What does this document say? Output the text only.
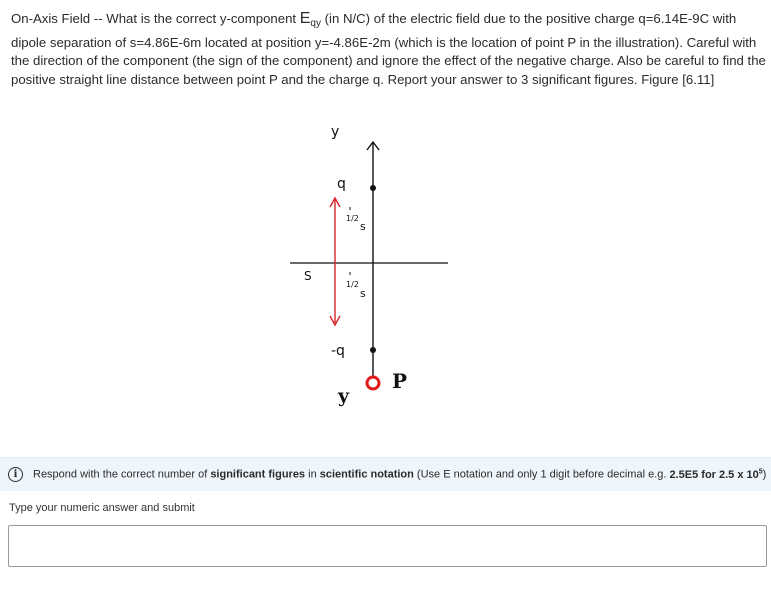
On-Axis Field -- What is the correct y-component $E_{qy}$ (in N/C) of the electric field due to the positive charge q=6.14E-9C with dipole separation of s=4.86E-6m located at position y=-4.86E-2m (which is the location of point P in the illustration). Careful with the direction of the component (the sign of the component) and ignore the effect of the negative charge. Also be careful to find the positive straight line distance between point P and the charge q. Report your answer to 3 significant figures. Figure [6.11]
y
q
1/2
s
S
1/2
s
-q
P
y
i	Respond with the correct number of significant figures in scientific notation (Use E notation and only 1 digit before decimal e.g. 2.5E5 for 2.5 x $10^5$)
Type your numeric answer and submit
